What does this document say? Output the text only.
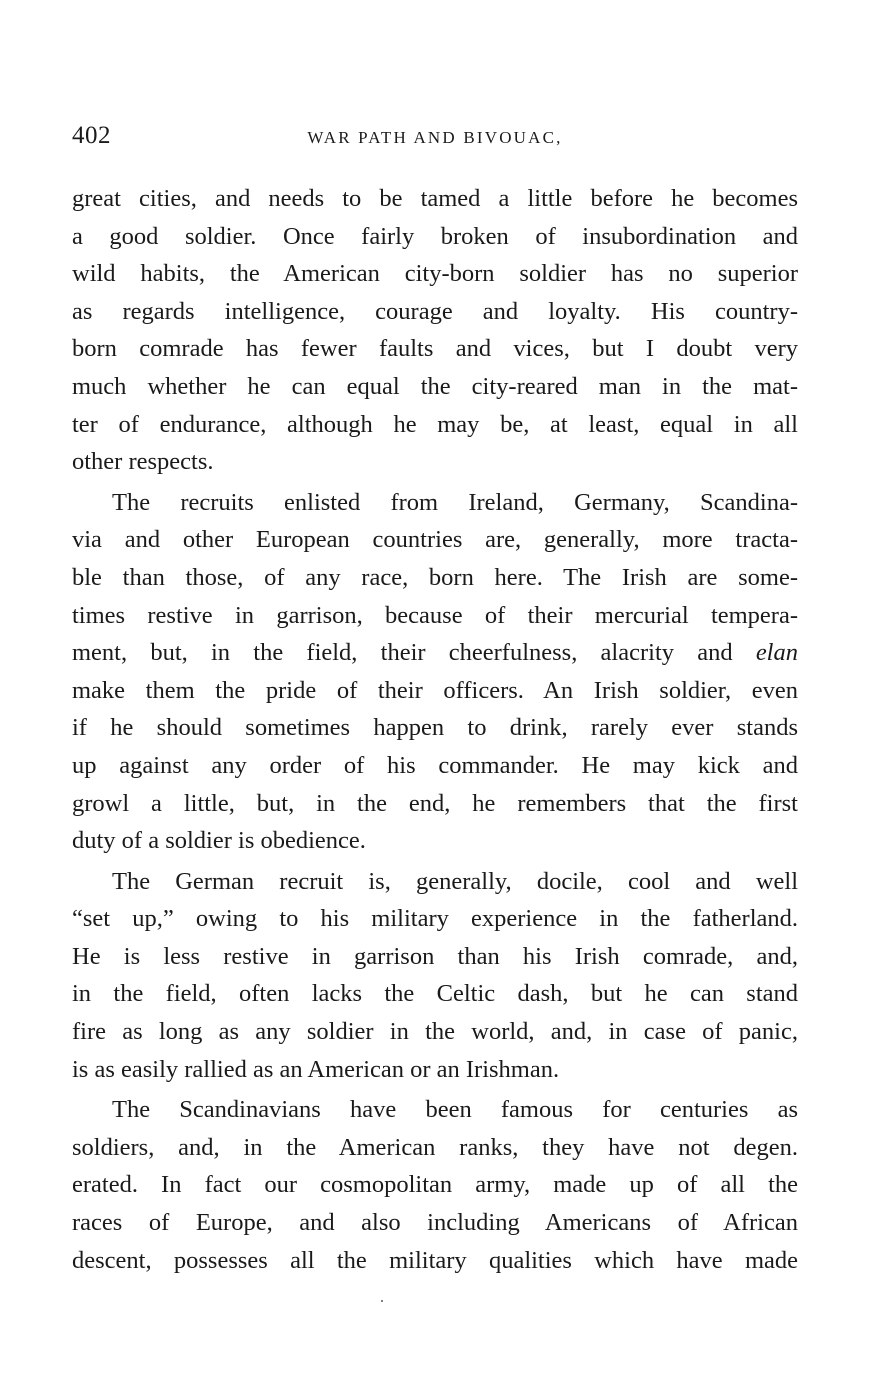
402	WAR PATH AND BIVOUAC,
great cities, and needs to be tamed a little before he becomes
a good soldier. Once fairly broken of insubordination and
wild habits, the American city-born soldier has no superior
as regards intelligence, courage and loyalty. His country-
born comrade has fewer faults and vices, but I doubt very
much whether he can equal the city-reared man in the mat-
ter of endurance, although he may be, at least, equal in all
other respects.
The recruits enlisted from Ireland, Germany, Scandina-
via and other European countries are, generally, more tracta-
ble than those, of any race, born here. The Irish are some-
times restive in garrison, because of their mercurial tempera-
ment, but, in the field, their cheerfulness, alacrity and elan
make them the pride of their officers. An Irish soldier, even
if he should sometimes happen to drink, rarely ever stands
up against any order of his commander. He may kick and
growl a little, but, in the end, he remembers that the first
duty of a soldier is obedience.
The German recruit is, generally, docile, cool and well
“set up,” owing to his military experience in the fatherland.
He is less restive in garrison than his Irish comrade, and,
in the field, often lacks the Celtic dash, but he can stand
fire as long as any soldier in the world, and, in case of panic,
is as easily rallied as an American or an Irishman.
The Scandinavians have been famous for centuries as
soldiers, and, in the American ranks, they have not degen.
erated. In fact our cosmopolitan army, made up of all the
races of Europe, and also including Americans of African
descent, possesses all the military qualities which have made
